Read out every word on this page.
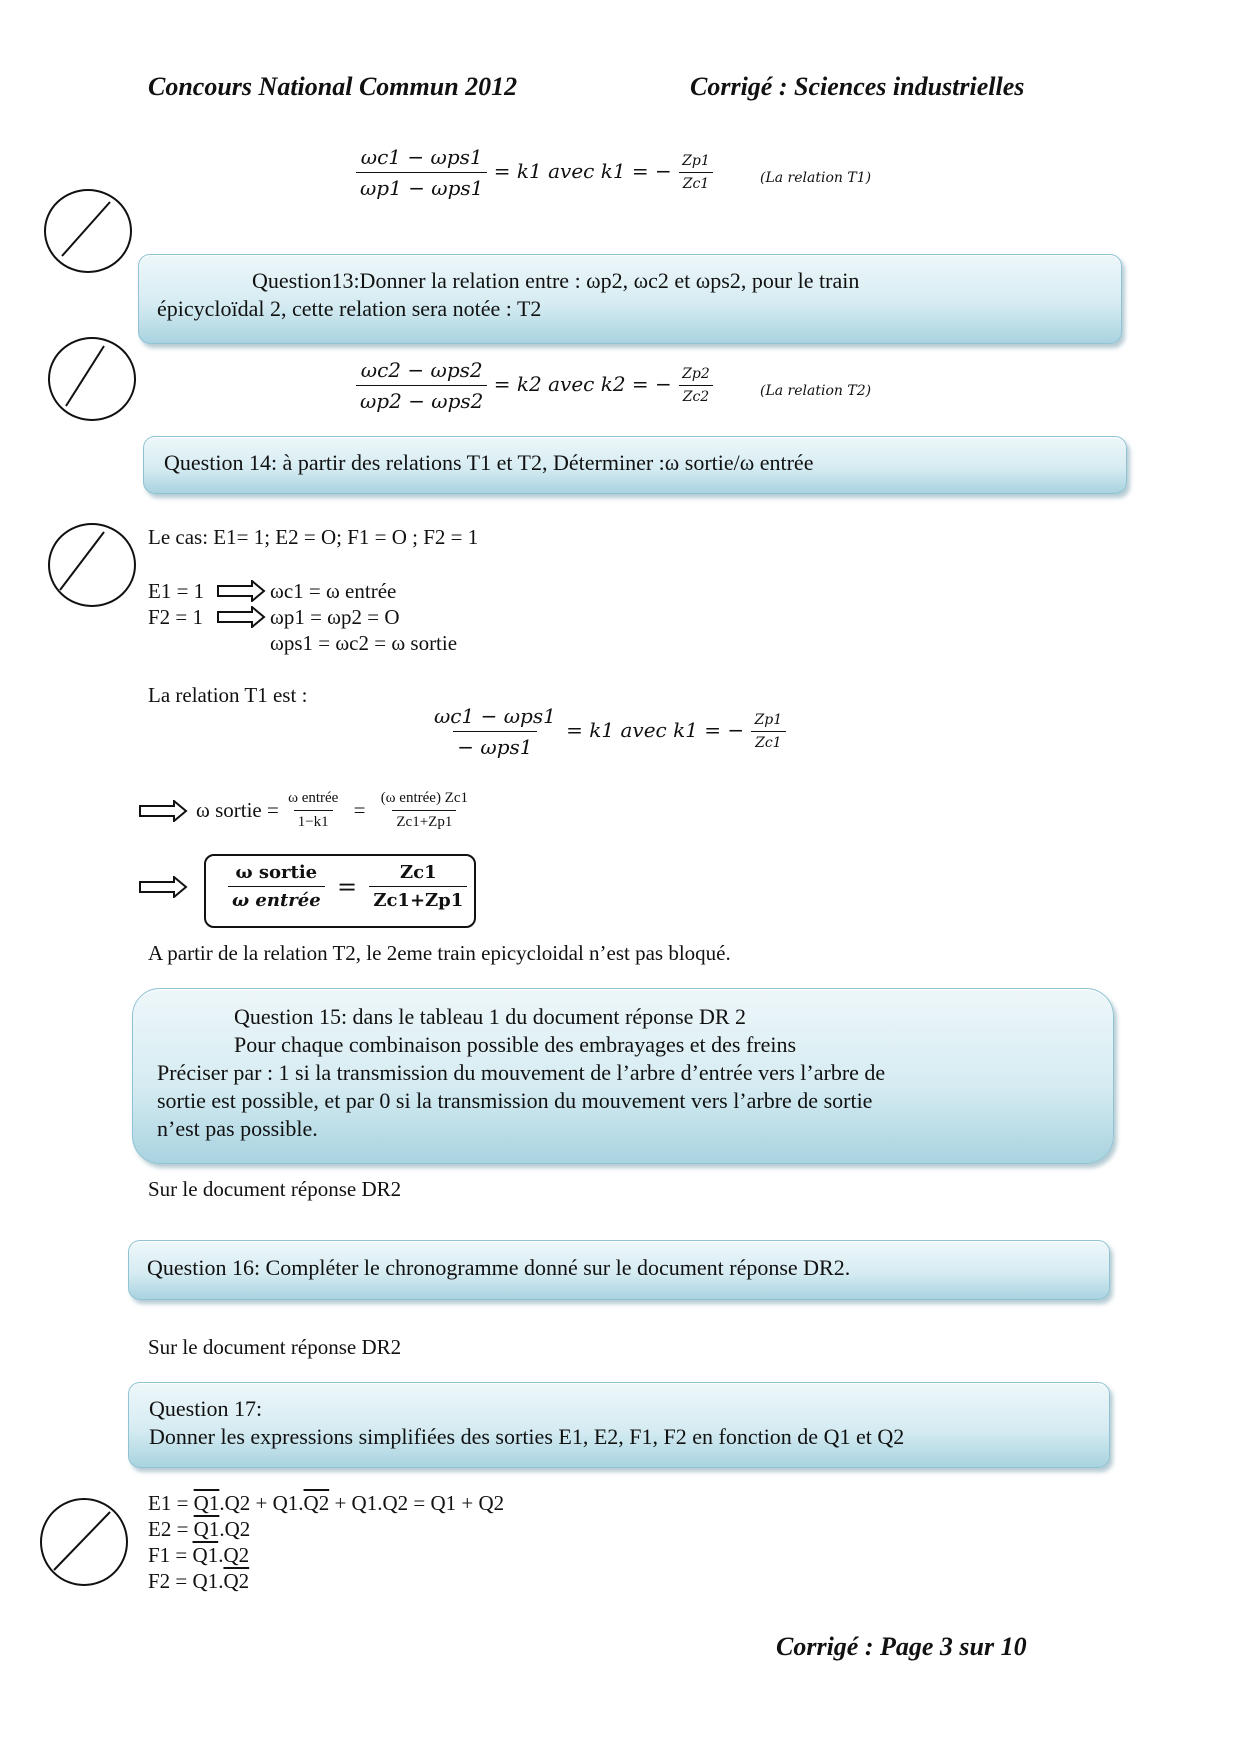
Concours National Commun 2012	Corrigé : Sciences industrielles
$\frac{\text{ωc1 − ωps1}}{\text{ωp1 − ωps1}} = k1$ avec k1 = − $\frac{Zp1}{Zc1}$	(La relation T1)
Question13:Donner la relation entre : ωp2, ωc2 et ωps2, pour le train
épicycloïdal 2, cette relation sera notée : T2
$\frac{\text{ωc2 − ωps2}}{\text{ωp2 − ωps2}} = k2$ avec k2 = − $\frac{Zp2}{Zc2}$	(La relation T2)
Question 14: à partir des relations T1 et T2, Déterminer :ω sortie/ω entrée
Le cas: E1= 1; E2 = O; F1 = O ; F2 = 1
E1 = 1	ωc1 = ω entrée
F2 = 1	ωp1 = ωp2 = O
ωps1 = ωc2 = ω sortie
La relation T1 est :
$\frac{\text{ωc1 − ωps1}}{\text{− ωps1}} = k1$ avec k1 = − $\frac{Zp1}{Zc1}$
ω sortie = $\frac{\text{ω entrée}}{1-k1} = \frac{\text{(ω entrée) Zc1}}{Zc1+Zp1}$
$\frac{\text{ω sortie}}{\text{ω entrée}} = \frac{Zc1}{Zc1+Zp1}$
A partir de la relation T2, le 2eme train epicycloidal n’est pas bloqué.
Question 15: dans le tableau 1 du document réponse DR 2
Pour chaque combinaison possible des embrayages et des freins
Préciser par : 1 si la transmission du mouvement de l’arbre d’entrée vers l’arbre de
sortie est possible, et par 0 si la transmission du mouvement vers l’arbre de sortie
n’est pas possible.
Sur le document réponse DR2
Question 16: Compléter le chronogramme donné sur le document réponse DR2.
Sur le document réponse DR2
Question 17:
Donner les expressions simplifiées des sorties E1, E2, F1, F2 en fonction de Q1 et Q2
E1 = Q1.Q2 + Q1.Q2 + Q1.Q2 = Q1 + Q2
E2 = Q1.Q2
F1 = Q1.Q2
F2 = Q1.Q2
Corrigé : Page 3 sur 10
